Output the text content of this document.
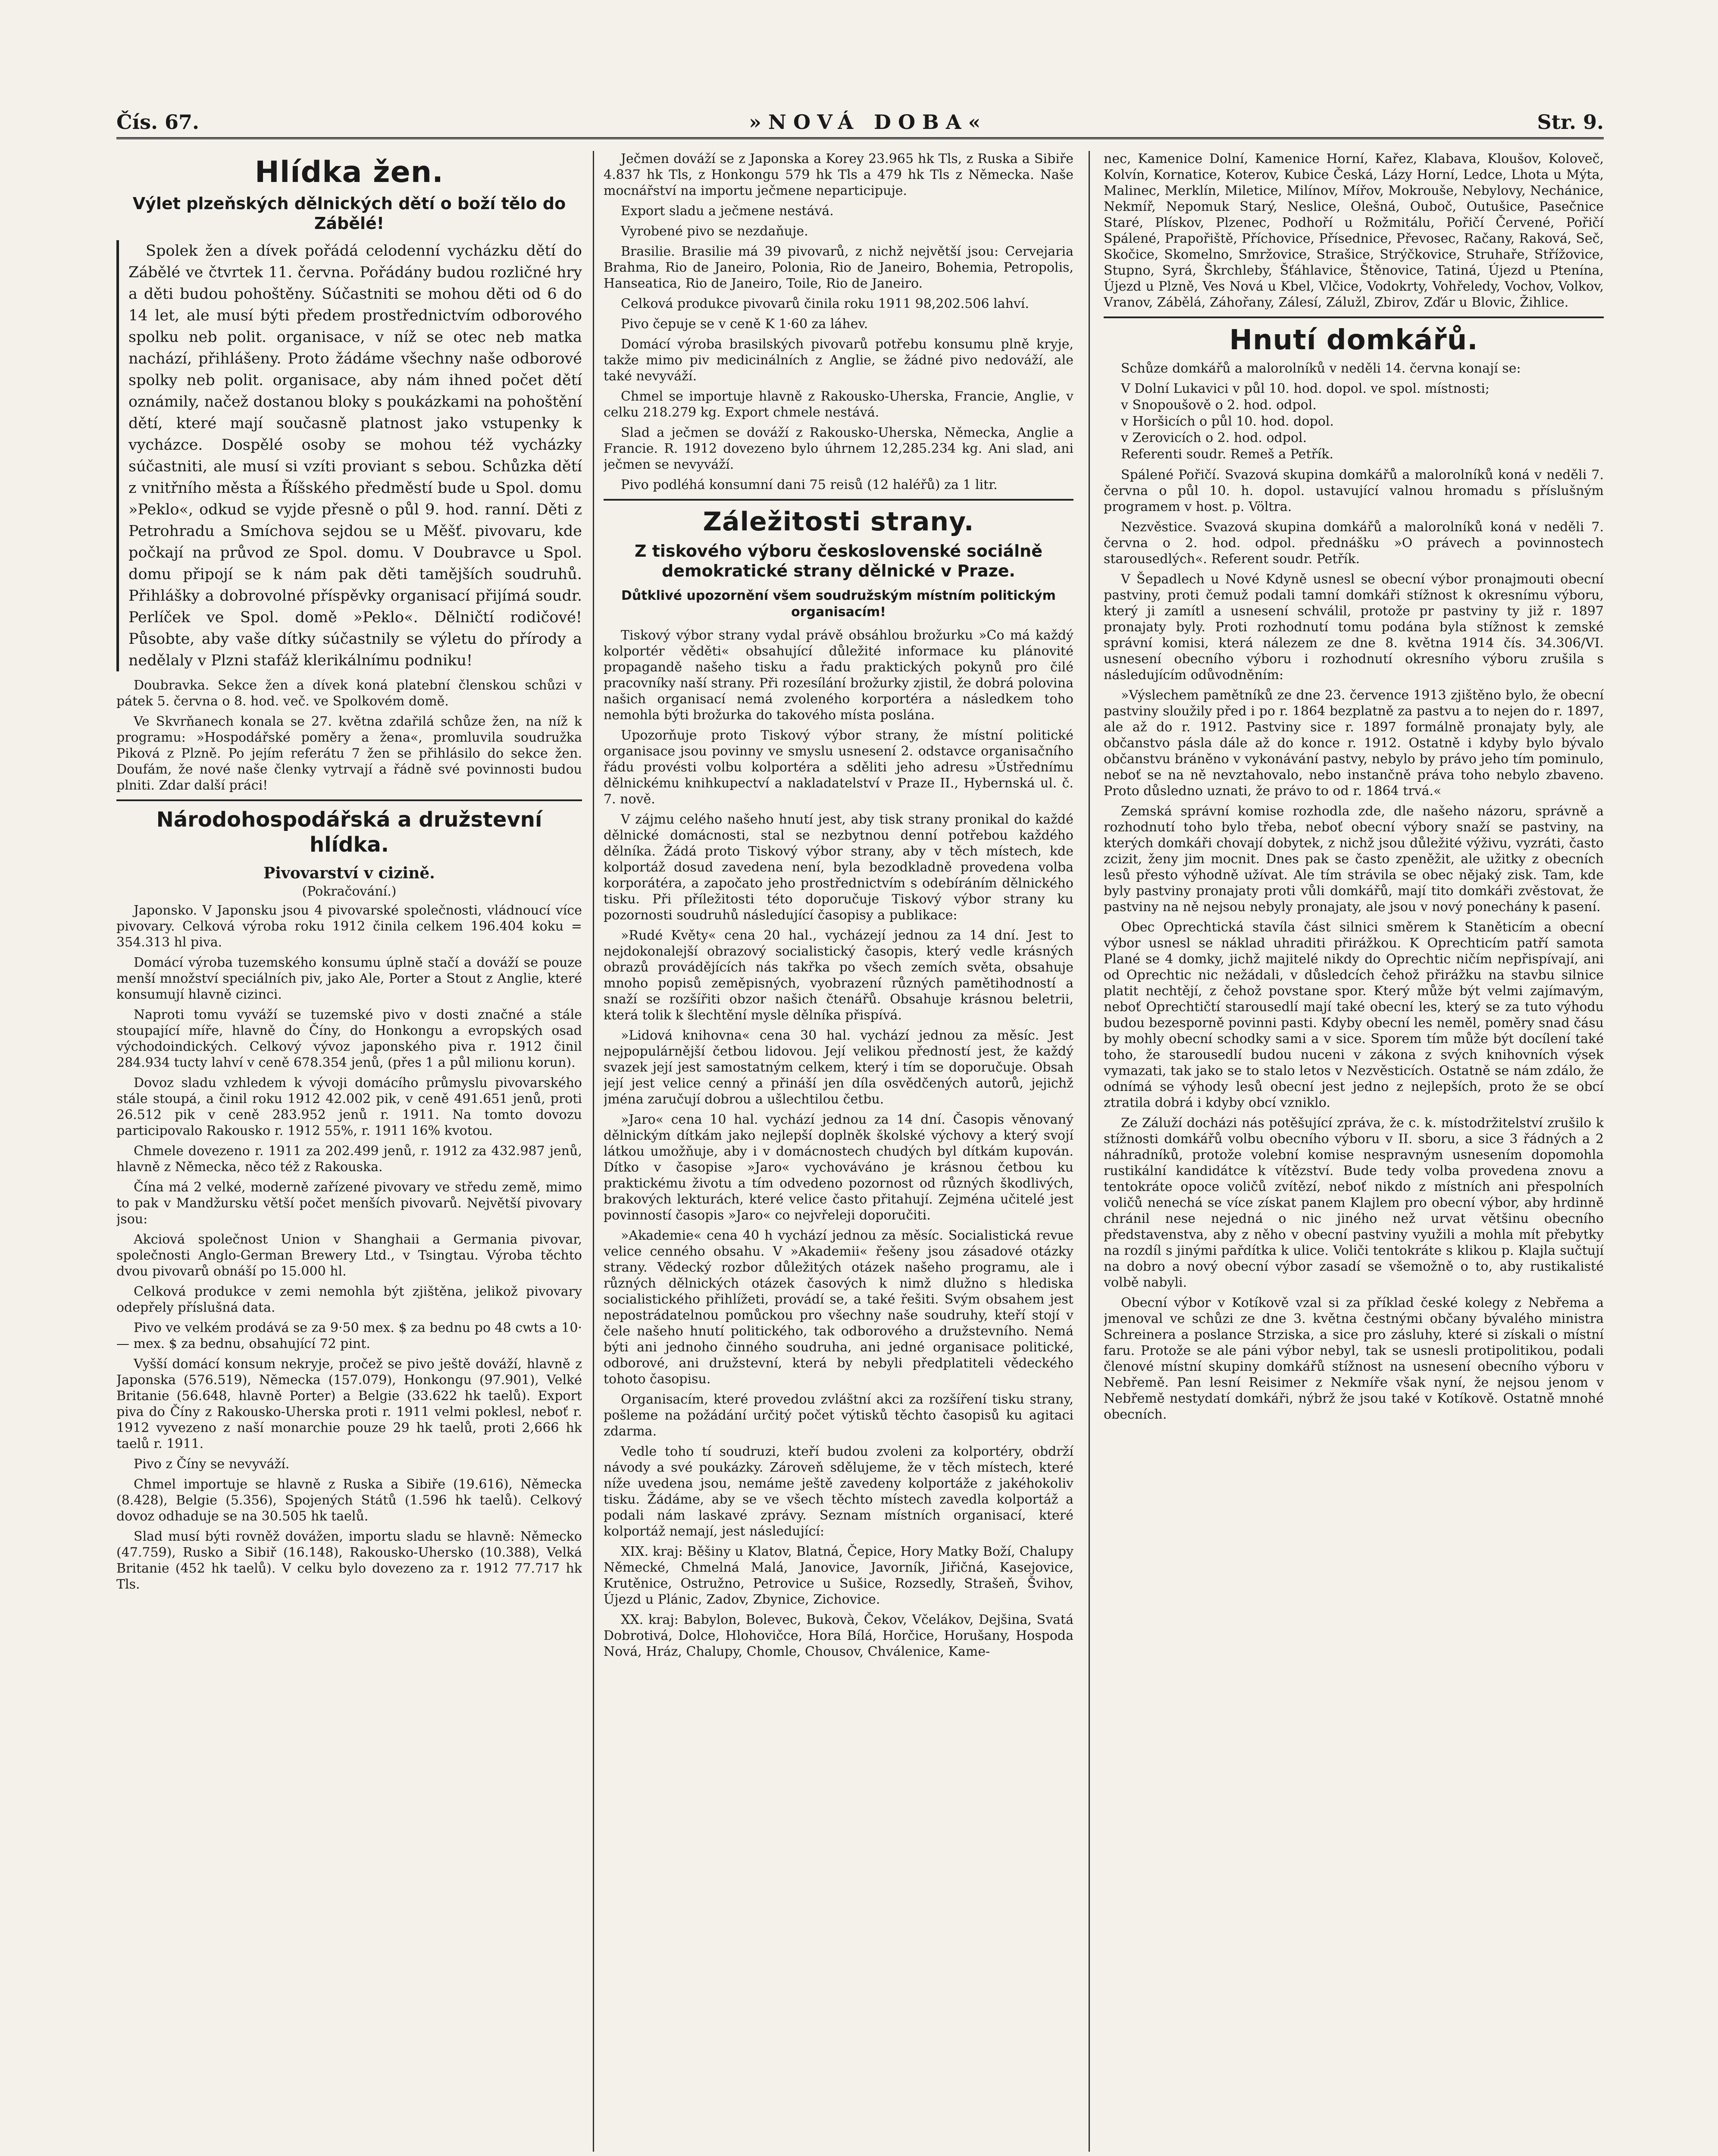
Čís. 67.	»NOVÁ DOBA«	Str. 9.
Hlídka žen.
Výlet plzeňských dělnických dětí o boží tělo do Zábělé!

Spolek žen a dívek pořádá celodenní vycházku dětí do Zábělé ve čtvrtek 11. června. Pořádány budou rozličné hry a děti budou pohoštěny. Súčastniti se mohou děti od 6 do 14 let, ale musí býti předem prostřednictvím odborového spolku neb polit. organisace, v níž se otec neb matka nachází, přihlášeny. Proto žádáme všechny naše odborové spolky neb polit. organisace, aby nám ihned počet dětí oznámily, načež dostanou bloky s poukázkami na pohoštění dětí, které mají současně platnost jako vstupenky k vycházce. Dospělé osoby se mohou též vycházky súčastniti, ale musí si vzíti proviant s sebou. Schůzka dětí z vnitřního města a Říšského předměstí bude u Spol. domu »Peklo«, odkud se vyjde přesně o půl 9. hod. ranní. Děti z Petrohradu a Smíchova sejdou se u Měšť. pivovaru, kde počkají na průvod ze Spol. domu. V Doubravce u Spol. domu připojí se k nám pak děti tamějších soudruhů. Přihlášky a dobrovolné příspěvky organisací přijímá soudr. Perlíček ve Spol. domě »Peklo«. Dělničtí rodičové! Působte, aby vaše dítky súčastnily se výletu do přírody a nedělaly v Plzni stafáž klerikálnímu podniku!

Doubravka. Sekce žen a dívek koná platební členskou schůzi v pátek 5. června o 8. hod. več. ve Spolkovém domě.

Ve Skvrňanech konala se 27. května zdařilá schůze žen, na níž k programu: »Hospodářské poměry a žena«, promluvila soudružka Piková z Plzně. Po jejím referátu 7 žen se přihlásilo do sekce žen. Doufám, že nové naše členky vytrvají a řádně své povinnosti budou plniti. Zdar další práci!

Národohospodářská a družstevní hlídka.
Pivovarství v cizině.
(Pokračování.)

Japonsko. V Japonsku jsou 4 pivovarské společnosti, vládnoucí více pivovary. Celková výroba roku 1912 činila celkem 196.404 koku = 354.313 hl piva.

Domácí výroba tuzemského konsumu úplně stačí a dováží se pouze menší množství speciálních piv, jako Ale, Porter a Stout z Anglie, které konsumují hlavně cizinci.

Naproti tomu vyváží se tuzemské pivo v dosti značné a stále stoupající míře, hlavně do Číny, do Honkongu a evropských osad východoindických. Celkový vývoz japonského piva r. 1912 činil 284.934 tucty lahví v ceně 678.354 jenů, (přes 1 a půl milionu korun).

Dovoz sladu vzhledem k vývoji domácího průmyslu pivovarského stále stoupá, a činil roku 1912 42.002 pik, v ceně 491.651 jenů, proti 26.512 pik v ceně 283.952 jenů r. 1911. Na tomto dovozu participovalo Rakousko r. 1912 55%, r. 1911 16% kvotou.

Chmele dovezeno r. 1911 za 202.499 jenů, r. 1912 za 432.987 jenů, hlavně z Německa, něco též z Rakouska.

Čína má 2 velké, moderně zařízené pivovary ve středu země, mimo to pak v Mandžursku větší počet menších pivovarů. Největší pivovary jsou:

Akciová společnost Union v Shanghaii a Germania pivovar, společnosti Anglo-German Brewery Ltd., v Tsingtau. Výroba těchto dvou pivovarů obnáší po 15.000 hl.

Celková produkce v zemi nemohla být zjištěna, jelikož pivovary odepřely příslušná data.

Pivo ve velkém prodává se za 9·50 mex. $ za bednu po 48 cwts a 10·— mex. $ za bednu, obsahující 72 pint.

Vyšší domácí konsum nekryje, pročež se pivo ještě dováží, hlavně z Japonska (576.519), Německa (157.079), Honkongu (97.901), Velké Britanie (56.648, hlavně Porter) a Belgie (33.622 hk taelů). Export piva do Číny z Rakousko-Uherska proti r. 1911 velmi poklesl, neboť r. 1912 vyvezeno z naší monarchie pouze 29 hk taelů, proti 2,666 hk taelů r. 1911.

Pivo z Číny se nevyváží.

Chmel importuje se hlavně z Ruska a Sibiře (19.616), Německa (8.428), Belgie (5.356), Spojených Států (1.596 hk taelů). Celkový dovoz odhaduje se na 30.505 hk taelů.

Slad musí býti rovněž dovážen, importu sladu se hlavně: Německo (47.759), Rusko a Sibiř (16.148), Rakousko-Uhersko (10.388), Velká Britanie (452 hk taelů). V celku bylo dovezeno za r. 1912 77.717 hk Tls.

Ječmen dováží se z Japonska a Korey 23.965 hk Tls, z Ruska a Sibiře 4.837 hk Tls, z Honkongu 579 hk Tls a 479 hk Tls z Německa. Naše mocnářství na importu ječmene neparticipuje.

Export sladu a ječmene nestává.

Vyrobené pivo se nezdaňuje.

Brasilie. Brasilie má 39 pivovarů, z nichž největší jsou: Cervejaria Brahma, Rio de Janeiro, Polonia, Rio de Janeiro, Bohemia, Petropolis, Hanseatica, Rio de Janeiro, Toile, Rio de Janeiro.

Celková produkce pivovarů činila roku 1911 98,202.506 lahví.

Pivo čepuje se v ceně K 1·60 za láhev.

Domácí výroba brasilských pivovarů potřebu konsumu plně kryje, takže mimo piv medicinálních z Anglie, se žádné pivo nedováží, ale také nevyváží.

Chmel se importuje hlavně z Rakousko-Uherska, Francie, Anglie, v celku 218.279 kg. Export chmele nestává.

Slad a ječmen se dováží z Rakousko-Uherska, Německa, Anglie a Francie. R. 1912 dovezeno bylo úhrnem 12,285.234 kg. Ani slad, ani ječmen se nevyváží.

Pivo podléhá konsumní dani 75 reisů (12 haléřů) za 1 litr.

Záležitosti strany.
Z tiskového výboru československé sociálně demokratické strany dělnické v Praze.
Důtklivé upozornění všem soudružským místním politickým organisacím!

Tiskový výbor strany vydal právě obsáhlou brožurku »Co má každý kolportér věděti« obsahující důležité informace ku plánovité propagandě našeho tisku a řadu praktických pokynů pro čilé pracovníky naší strany. Při rozesílání brožurky zjistil, že dobrá polovina našich organisací nemá zvoleného korportéra a následkem toho nemohla býti brožurka do takového místa poslána.

Upozorňuje proto Tiskový výbor strany, že místní politické organisace jsou povinny ve smyslu usnesení 2. odstavce organisačního řádu provésti volbu kolportéra a sděliti jeho adresu »Ústřednímu dělnickému knihkupectví a nakladatelství v Praze II., Hybernská ul. č. 7. nově.

V zájmu celého našeho hnutí jest, aby tisk strany pronikal do každé dělnické domácnosti, stal se nezbytnou denní potřebou každého dělníka. Žádá proto Tiskový výbor strany, aby v těch místech, kde kolportáž dosud zavedena není, byla bezodkladně provedena volba korporátéra, a započato jeho prostřednictvím s odebíráním dělnického tisku. Při příležitosti této doporučuje Tiskový výbor strany ku pozornosti soudruhů následující časopisy a publikace:

»Rudé Květy« cena 20 hal., vycházejí jednou za 14 dní. Jest to nejdokonalejší obrazový socialistický časopis, který vedle krásných obrazů provádějících nás takřka po všech zemích světa, obsahuje mnoho popisů zeměpisných, vyobrazení různých pamětihodností a snaží se rozšířiti obzor našich čtenářů. Obsahuje krásnou beletrii, která tolik k šlechtění mysle dělníka přispívá.

»Lidová knihovna« cena 30 hal. vychází jednou za měsíc. Jest nejpopulárnější četbou lidovou. Její velikou předností jest, že každý svazek její jest samostatným celkem, který i tím se doporučuje. Obsah její jest velice cenný a přináší jen díla osvědčených autorů, jejichž jména zaručují dobrou a ušlechtilou četbu.

»Jaro« cena 10 hal. vychází jednou za 14 dní. Časopis věnovaný dělnickým dítkám jako nejlepší doplněk školské výchovy a který svojí látkou umožňuje, aby i v domácnostech chudých byl dítkám kupován. Dítko v časopise »Jaro« vychováváno je krásnou četbou ku praktickému životu a tím odvedeno pozornost od různých škodlivých, brakových lekturách, které velice často přitahují. Zejména učitelé jest povinností časopis »Jaro« co nejvřeleji doporučiti.

»Akademie« cena 40 h vychází jednou za měsíc. Socialistická revue velice cenného obsahu. V »Akademii« řešeny jsou zásadové otázky strany. Vědecký rozbor důležitých otázek našeho programu, ale i různých dělnických otázek časových k nimž dlužno s hlediska socialistického přihlížeti, provádí se, a také řešiti. Svým obsahem jest nepostrádatelnou pomůckou pro všechny naše soudruhy, kteří stojí v čele našeho hnutí politického, tak odborového a družstevního. Nemá býti ani jednoho činného soudruha, ani jedné organisace politické, odborové, ani družstevní, která by nebyli předplatiteli vědeckého tohoto časopisu.

Organisacím, které provedou zvláštní akci za rozšíření tisku strany, pošleme na požádání určitý počet výtisků těchto časopisů ku agitaci zdarma.

Vedle toho tí soudruzi, kteří budou zvoleni za kolportéry, obdrží návody a své poukázky. Zároveň sdělujeme, že v těch místech, které níže uvedena jsou, nemáme ještě zavedeny kolportáže z jakéhokoliv tisku. Žádáme, aby se ve všech těchto místech zavedla kolportáž a podali nám laskavé zprávy. Seznam místních organisací, které kolportáž nemají, jest následující:

XIX. kraj: Běšiny u Klatov, Blatná, Čepice, Hory Matky Boží, Chalupy Německé, Chmelná Malá, Janovice, Javorník, Jiřičná, Kasejovice, Krutěnice, Ostružno, Petrovice u Sušice, Rozsedly, Strašeň, Švihov, Újezd u Plánic, Zadov, Zbynice, Zichovice.

XX. kraj: Babylon, Bolevec, Bukovà, Čekov, Včelákov, Dejšina, Svatá Dobrotivá, Dolce, Hlohovičce, Hora Bílá, Horčice, Horušany, Hospoda Nová, Hráz, Chalupy, Chomle, Chousov, Chválenice, Kame-

nec, Kamenice Dolní, Kamenice Horní, Kařez, Klabava, Kloušov, Koloveč, Kolvín, Kornatice, Koterov, Kubice Česká, Lázy Horní, Ledce, Lhota u Mýta, Malinec, Merklín, Miletice, Milínov, Mířov, Mokrouše, Nebylovy, Nechánice, Nekmíř, Nepomuk Starý, Neslice, Olešná, Ouboč, Outušice, Pasečnice Staré, Plískov, Plzenec, Podhoří u Rožmitálu, Pořičí Červené, Pořičí Spálené, Prapořiště, Příchovice, Přísednice, Převosec, Račany, Raková, Seč, Skočice, Skomelno, Smržovice, Strašice, Strýčkovice, Struhaře, Střížovice, Stupno, Syrá, Škrchleby, Šťáhlavice, Štěnovice, Tatiná, Újezd u Ptenína, Újezd u Plzně, Ves Nová u Kbel, Vlčice, Vodokrty, Vohřeledy, Vochov, Volkov, Vranov, Zábělá, Záhořany, Zálesí, Zálužl, Zbirov, Zďár u Blovic, Žihlice.

Hnutí domkářů.

Schůze domkářů a malorolníků v neděli 14. června konají se:

V Dolní Lukavici v půl 10. hod. dopol. ve spol. místnosti;
v Snopoušově o 2. hod. odpol.
v Horšicích o půl 10. hod. dopol.
v Zerovicích o 2. hod. odpol.
Referenti soudr. Remeš a Petřík.

Spálené Pořičí. Svazová skupina domkářů a malorolníků koná v neděli 7. června o půl 10. h. dopol. ustavující valnou hromadu s příslušným programem v host. p. Völtra.

Nezvěstice. Svazová skupina domkářů a malorolníků koná v neděli 7. června o 2. hod. odpol. přednášku »O právech a povinnostech starousedlých«. Referent soudr. Petřík.

V Šepadlech u Nové Kdyně usnesl se obecní výbor pronajmouti obecní pastviny, proti čemuž podali tamní domkáři stížnost k okresnímu výboru, který ji zamítl a usnesení schválil, protože pr pastviny ty již r. 1897 pronajaty byly. Proti rozhodnutí tomu podána byla stížnost k zemské správní komisi, která nálezem ze dne 8. května 1914 čís. 34.306/VI. usnesení obecního výboru i rozhodnutí okresního výboru zrušila s následujícím odůvodněním:

»Výslechem pamětníků ze dne 23. července 1913 zjištěno bylo, že obecní pastviny sloužily před i po r. 1864 bezplatně za pastvu a to nejen do r. 1897, ale až do r. 1912. Pastviny sice r. 1897 formálně pronajaty byly, ale občanstvo pásla dále až do konce r. 1912. Ostatně i kdyby bylo bývalo občanstvu bráněno v vykonávání pastvy, nebylo by právo jeho tím pominulo, neboť se na ně nevztahovalo, nebo instančně práva toho nebylo zbaveno. Proto důsledno uznati, že právo to od r. 1864 trvá.«

Zemská správní komise rozhodla zde, dle našeho názoru, správně a rozhodnutí toho bylo třeba, neboť obecní výbory snaží se pastviny, na kterých domkáři chovají dobytek, z nichž jsou důležité výživu, vyzráti, často zcizit, ženy jim mocnit. Dnes pak se často zpeněžit, ale užitky z obecních lesů přesto výhodně užívat. Ale tím strávila se obec nějaký zisk. Tam, kde byly pastviny pronajaty proti vůli domkářů, mají tito domkáři zvěstovat, že pastviny na ně nejsou nebyly pronajaty, ale jsou v nový ponechány k pasení.

Obec Oprechtická stavíla část silnici směrem k Staněticím a obecní výbor usnesl se náklad uhraditi přirážkou. K Oprechticím patří samota Plané se 4 domky, jichž majitelé nikdy do Oprechtic ničím nepřispívají, ani od Oprechtic nic nežádali, v důsledcích čehož přirážku na stavbu silnice platit nechtějí, z čehož povstane spor. Který může být velmi zajímavým, neboť Oprechtičtí starousedlí mají také obecní les, který se za tuto výhodu budou bezesporně povinni pasti. Kdyby obecní les neměl, poměry snad čásu by mohly obecní schodky sami a v sice. Sporem tím může být docílení také toho, že starousedlí budou nuceni v zákona z svých knihovních výsek vymazati, tak jako se to stalo letos v Nezvěsticích. Ostatně se nám zdálo, že odnímá se výhody lesů obecní jest jedno z nejlepších, proto že se obcí ztratila dobrá i kdyby obcí vzniklo.

Ze Záluží docházi nás potěšující zpráva, že c. k. místodržitelství zrušilo k stížnosti domkářů volbu obecního výboru v II. sboru, a sice 3 řádných a 2 náhradníků, protože volební komise nespravným usnesením dopomohla rustikální kandidátce k vítězství. Bude tedy volba provedena znovu a tentokráte opoce voličů zvítězí, neboť nikdo z místních ani přespolních voličů nenechá se více získat panem Klajlem pro obecní výbor, aby hrdinně chránil nese nejedná o nic jiného než urvat většinu obecního představenstva, aby z něho v obecní pastviny využili a mohla mít přebytky na rozdíl s jinými pařdítka k ulice. Voliči tentokráte s klikou p. Klajla sučtují na dobro a nový obecní výbor zasadí se všemožně o to, aby rustikalisté volbě nabyli.

Obecní výbor v Kotíkově vzal si za příklad české kolegy z Nebřema a jmenoval ve schůzi ze dne 3. května čestnými občany bývalého ministra Schreinera a poslance Strziska, a sice pro zásluhy, které si získali o místní faru. Protože se ale páni výbor nebyl, tak se usnesli protipolitikou, podali členové místní skupiny domkářů stížnost na usnesení obecního výboru v Nebřemě. Pan lesní Reisimer z Nekmíře však nyní, že nejsou jenom v Nebřemě nestydatí domkáři, nýbrž že jsou také v Kotíkově. Ostatně mnohé obecních.
